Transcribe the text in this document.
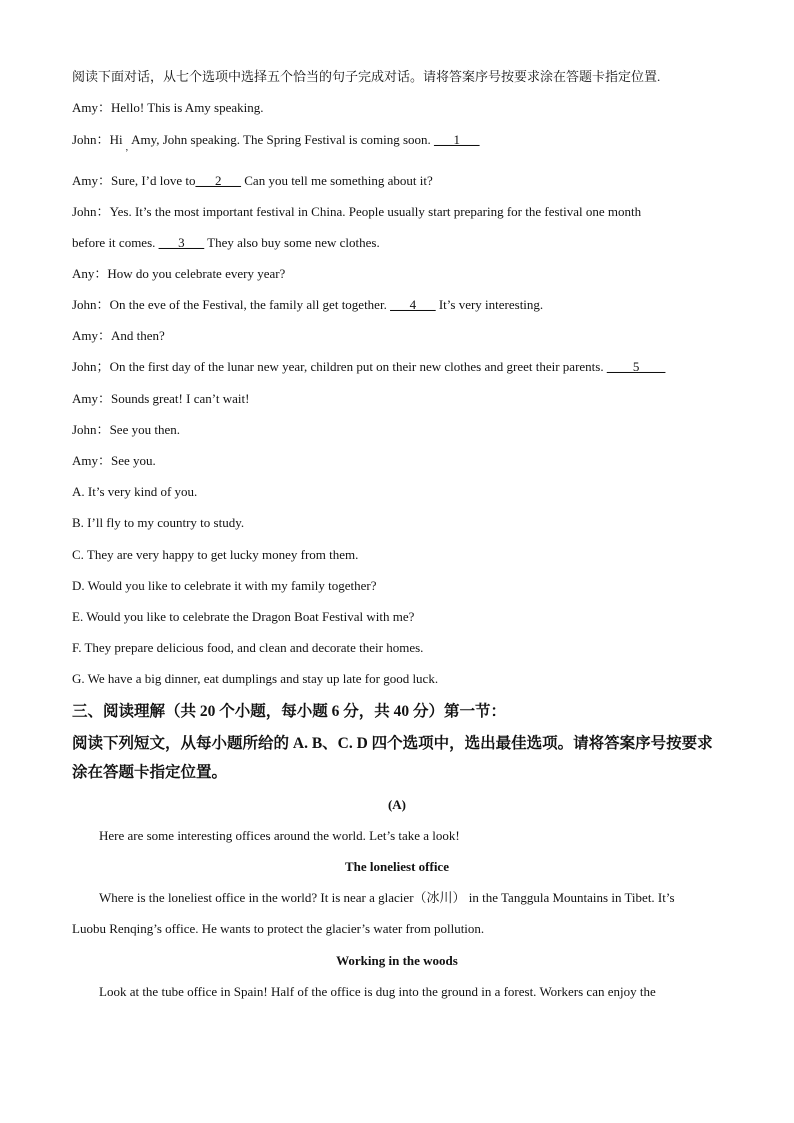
阅读下面对话，从七个选项中选择五个恰当的句子完成对话。请将答案序号按要求涂在答题卡指定位置.
Amy：Hello! This is Amy speaking.
John：$Hi_,Amy$, John speaking. The Spring Festival is coming soon. ___1___
Amy：Sure, I’d love to___2___ Can you tell me something about it?
John：Yes. It’s the most important festival in China. People usually start preparing for the festival one month
before it comes. ___3___ They also buy some new clothes.
Any：How do you celebrate every year?
John：On the eve of the Festival, the family all get together. ___4___ It’s very interesting.
Amy：And then?
John；On the first day of the lunar new year, children put on their new clothes and greet their parents. ____5____
Amy：Sounds great! I can’t wait!
John：See you then.
Amy：See you.
A. It’s very kind of you.
B. I’ll fly to my country to study.
C. They are very happy to get lucky money from them.
D. Would you like to celebrate it with my family together?
E. Would you like to celebrate the Dragon Boat Festival with me?
F. They prepare delicious food, and clean and decorate their homes.
G. We have a big dinner, eat dumplings and stay up late for good luck.
三、阅读理解（共 20 个小题，每小题 6 分，共 40 分）第一节：
阅读下列短文，从每小题所给的 A. B、C. D 四个选项中，选出最佳选项。请将答案序号按要求
涂在答题卡指定位置。
(A)
Here are some interesting offices around the world. Let’s take a look!
The loneliest office
Where is the loneliest office in the world? It is near a glacier（冰川） in the Tanggula Mountains in Tibet. It’s
Luobu Renqing’s office. He wants to protect the glacier’s water from pollution.
Working in the woods
Look at the tube office in Spain! Half of the office is dug into the ground in a forest. Workers can enjoy the
